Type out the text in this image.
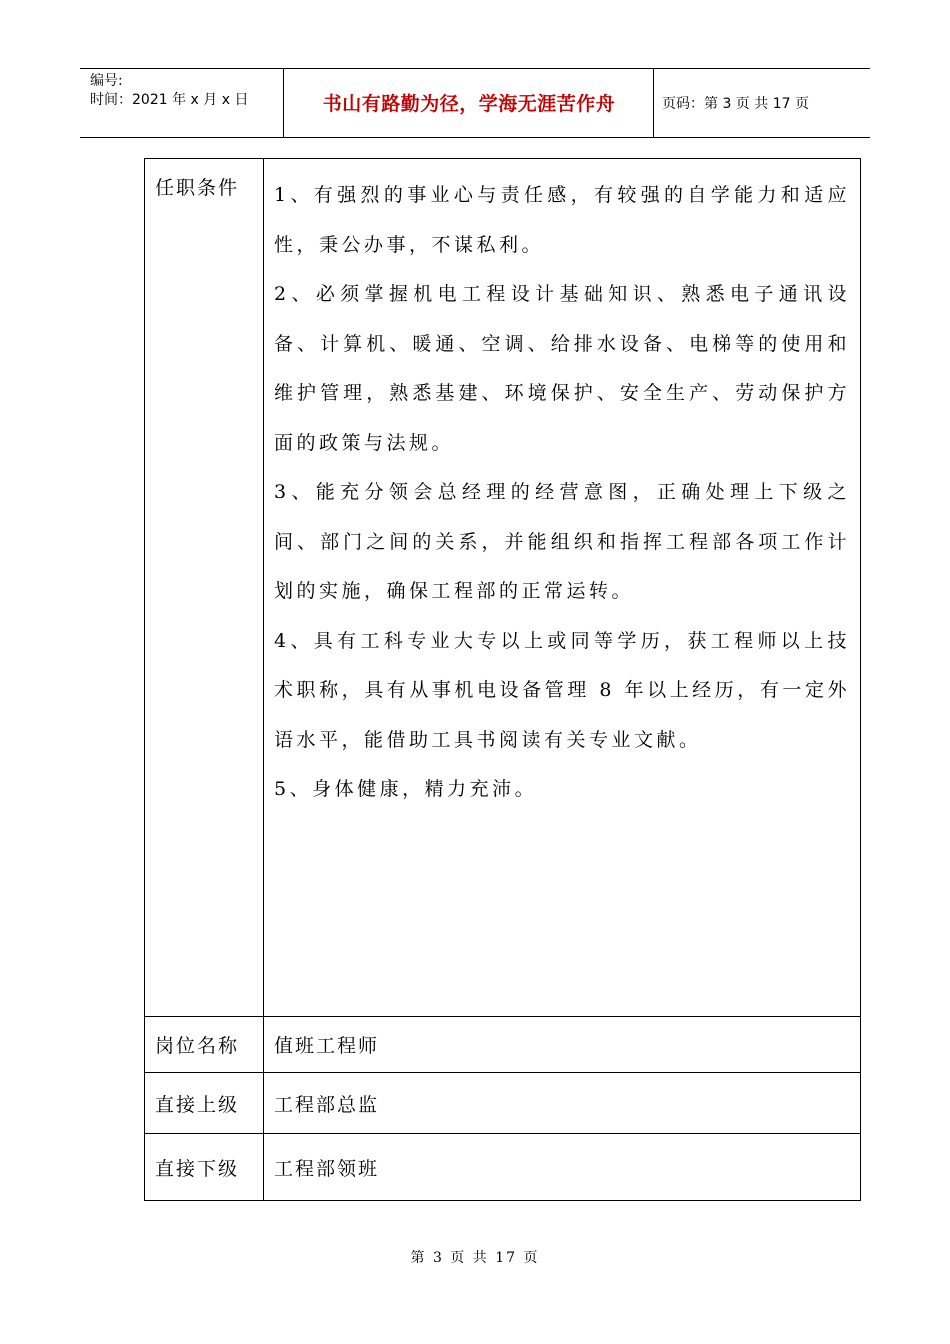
编号:
时间：2021 年 x 月 x 日	书山有路勤为径，学海无涯苦作舟	页码：第 3 页 共 17 页
任职条件	1、有强烈的事业心与责任感，有较强的自学能力和适应性，秉公办事，不谋私利。

2、必须掌握机电工程设计基础知识、熟悉电子通讯设备、计算机、暖通、空调、给排水设备、电梯等的使用和维护管理，熟悉基建、环境保护、安全生产、劳动保护方面的政策与法规。

3、能充分领会总经理的经营意图，正确处理上下级之间、部门之间的关系，并能组织和指挥工程部各项工作计划的实施，确保工程部的正常运转。

4、具有工科专业大专以上或同等学历，获工程师以上技术职称，具有从事机电设备管理 8 年以上经历，有一定外语水平，能借助工具书阅读有关专业文献。

5、身体健康，精力充沛。

岗位名称	值班工程师
直接上级	工程部总监
直接下级	工程部领班
第 3 页 共 17 页
